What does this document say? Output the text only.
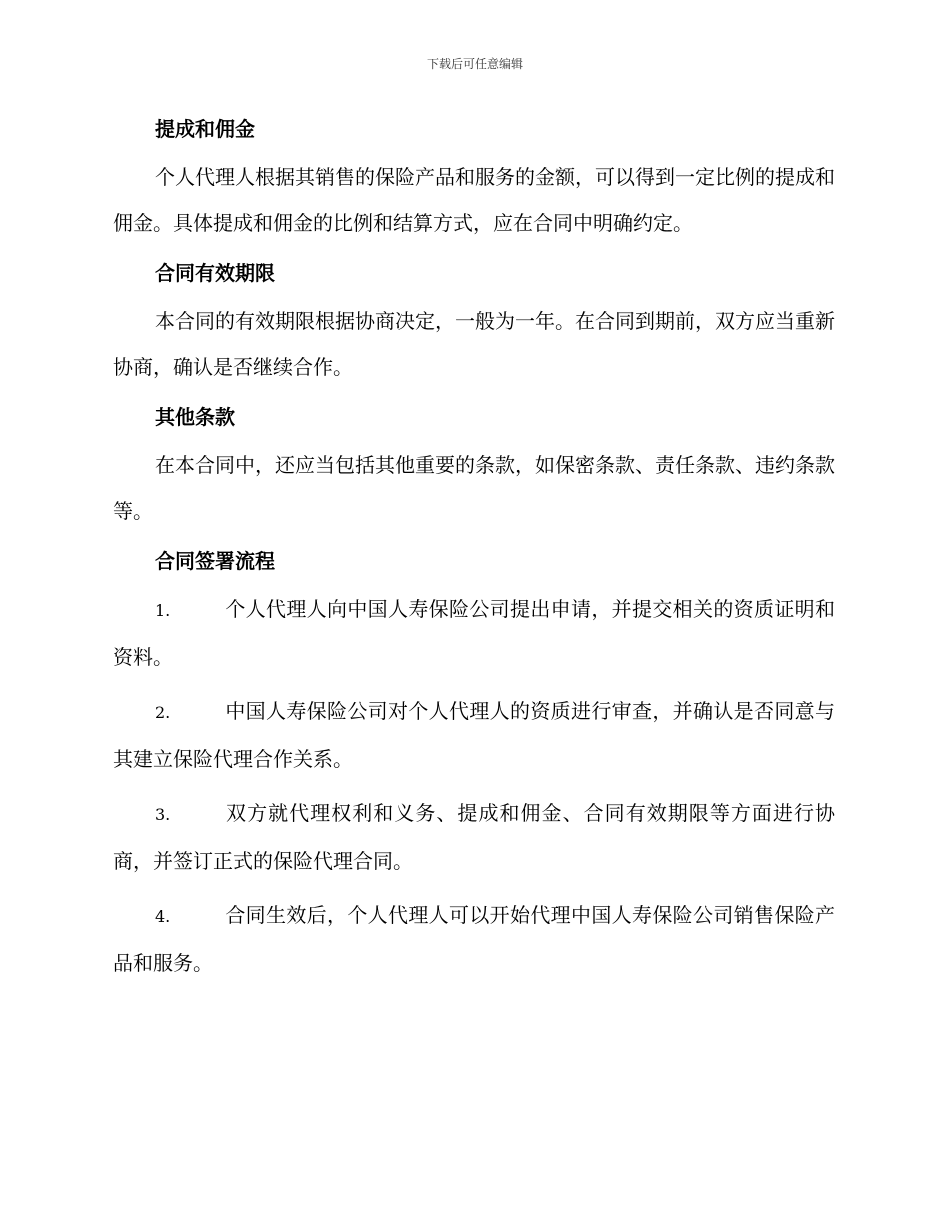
下载后可任意编辑
提成和佣金

个人代理人根据其销售的保险产品和服务的金额，可以得到一定比例的提成和佣金。具体提成和佣金的比例和结算方式，应在合同中明确约定。

合同有效期限

本合同的有效期限根据协商决定，一般为一年。在合同到期前，双方应当重新协商，确认是否继续合作。

其他条款

在本合同中，还应当包括其他重要的条款，如保密条款、责任条款、违约条款等。

合同签署流程

1.	个人代理人向中国人寿保险公司提出申请，并提交相关的资质证明和资料。

2.	中国人寿保险公司对个人代理人的资质进行审查，并确认是否同意与其建立保险代理合作关系。

3.	双方就代理权利和义务、提成和佣金、合同有效期限等方面进行协商，并签订正式的保险代理合同。

4.	合同生效后，个人代理人可以开始代理中国人寿保险公司销售保险产品和服务。
